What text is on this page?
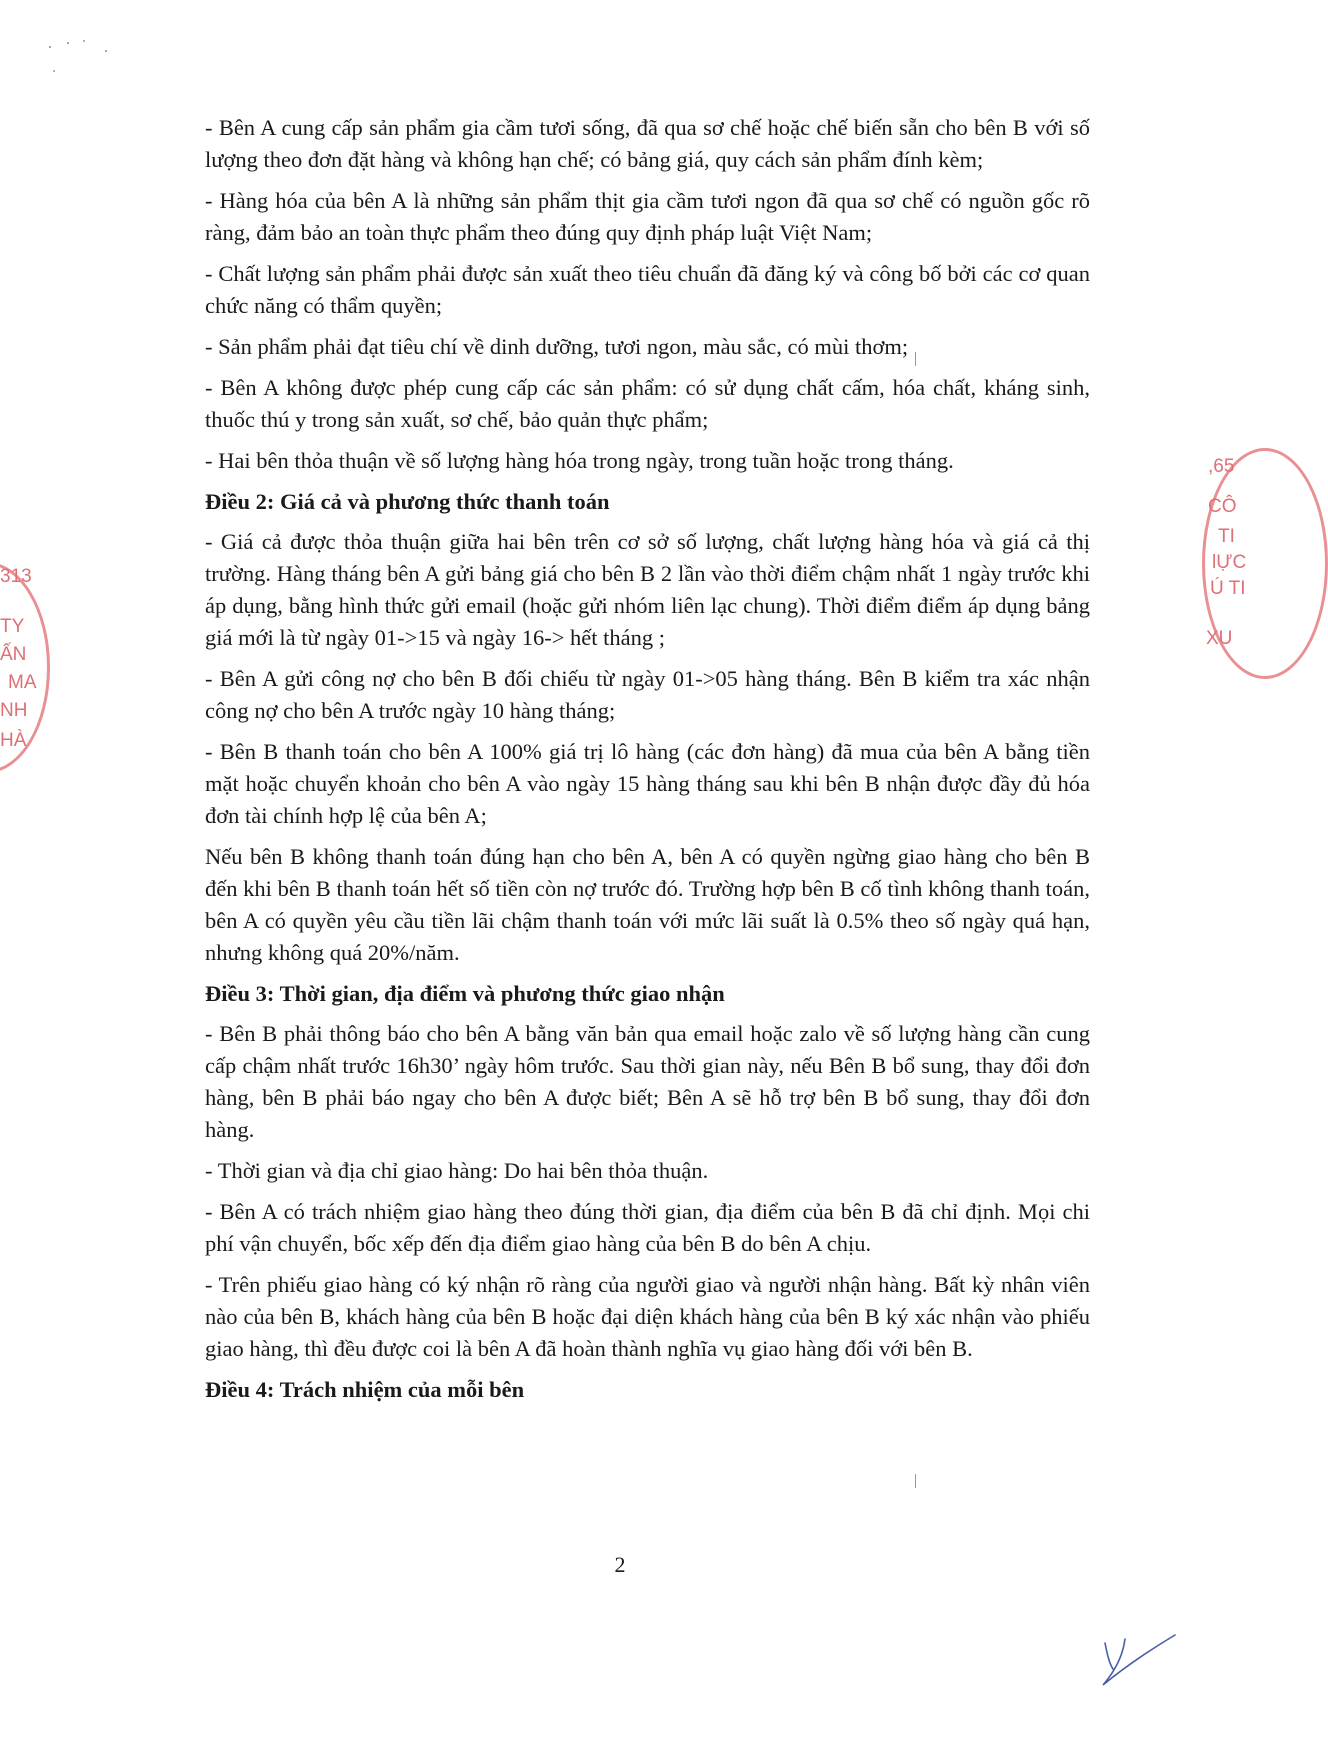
313
TY
ẤN
MA
NH
HÀ
,65
CÔ
TI
lỰC
Ú TI
XU

- Bên A cung cấp sản phẩm gia cầm tươi sống, đã qua sơ chế hoặc chế biến sẵn cho bên B với số lượng theo đơn đặt hàng và không hạn chế; có bảng giá, quy cách sản phẩm đính kèm;

- Hàng hóa của bên A là những sản phẩm thịt gia cầm tươi ngon đã qua sơ chế có nguồn gốc rõ ràng, đảm bảo an toàn thực phẩm theo đúng quy định pháp luật Việt Nam;

- Chất lượng sản phẩm phải được sản xuất theo tiêu chuẩn đã đăng ký và công bố bởi các cơ quan chức năng có thẩm quyền;

- Sản phẩm phải đạt tiêu chí về dinh dưỡng, tươi ngon, màu sắc, có mùi thơm;

- Bên A không được phép cung cấp các sản phẩm: có sử dụng chất cấm, hóa chất, kháng sinh, thuốc thú y trong sản xuất, sơ chế, bảo quản thực phẩm;

- Hai bên thỏa thuận về số lượng hàng hóa trong ngày, trong tuần hoặc trong tháng.

Điều 2: Giá cả và phương thức thanh toán

- Giá cả được thỏa thuận giữa hai bên trên cơ sở số lượng, chất lượng hàng hóa và giá cả thị trường. Hàng tháng bên A gửi bảng giá cho bên B 2 lần vào thời điểm chậm nhất 1 ngày trước khi áp dụng, bằng hình thức gửi email (hoặc gửi nhóm liên lạc chung). Thời điểm điểm áp dụng bảng giá mới là từ ngày 01->15 và ngày 16-> hết tháng ;

- Bên A gửi công nợ cho bên B đối chiếu từ ngày 01->05 hàng tháng. Bên B kiểm tra xác nhận công nợ cho bên A trước ngày 10 hàng tháng;

- Bên B thanh toán cho bên A 100% giá trị lô hàng (các đơn hàng) đã mua của bên A bằng tiền mặt hoặc chuyển khoản cho bên A vào ngày 15 hàng tháng sau khi bên B nhận được đầy đủ hóa đơn tài chính hợp lệ của bên A;

Nếu bên B không thanh toán đúng hạn cho bên A, bên A có quyền ngừng giao hàng cho bên B đến khi bên B thanh toán hết số tiền còn nợ trước đó. Trường hợp bên B cố tình không thanh toán, bên A có quyền yêu cầu tiền lãi chậm thanh toán với mức lãi suất là 0.5% theo số ngày quá hạn, nhưng không quá 20%/năm.

Điều 3: Thời gian, địa điểm và phương thức giao nhận

- Bên B phải thông báo cho bên A bằng văn bản qua email hoặc zalo về số lượng hàng cần cung cấp chậm nhất trước 16h30’ ngày hôm trước. Sau thời gian này, nếu Bên B bổ sung, thay đổi đơn hàng, bên B phải báo ngay cho bên A được biết; Bên A sẽ hỗ trợ bên B bổ sung, thay đổi đơn hàng.

- Thời gian và địa chỉ giao hàng: Do hai bên thỏa thuận.

- Bên A có trách nhiệm giao hàng theo đúng thời gian, địa điểm của bên B đã chỉ định. Mọi chi phí vận chuyển, bốc xếp đến địa điểm giao hàng của bên B do bên A chịu.

- Trên phiếu giao hàng có ký nhận rõ ràng của người giao và người nhận hàng. Bất kỳ nhân viên nào của bên B, khách hàng của bên B hoặc đại diện khách hàng của bên B ký xác nhận vào phiếu giao hàng, thì đều được coi là bên A đã hoàn thành nghĩa vụ giao hàng đối với bên B.

Điều 4: Trách nhiệm của mỗi bên
2
